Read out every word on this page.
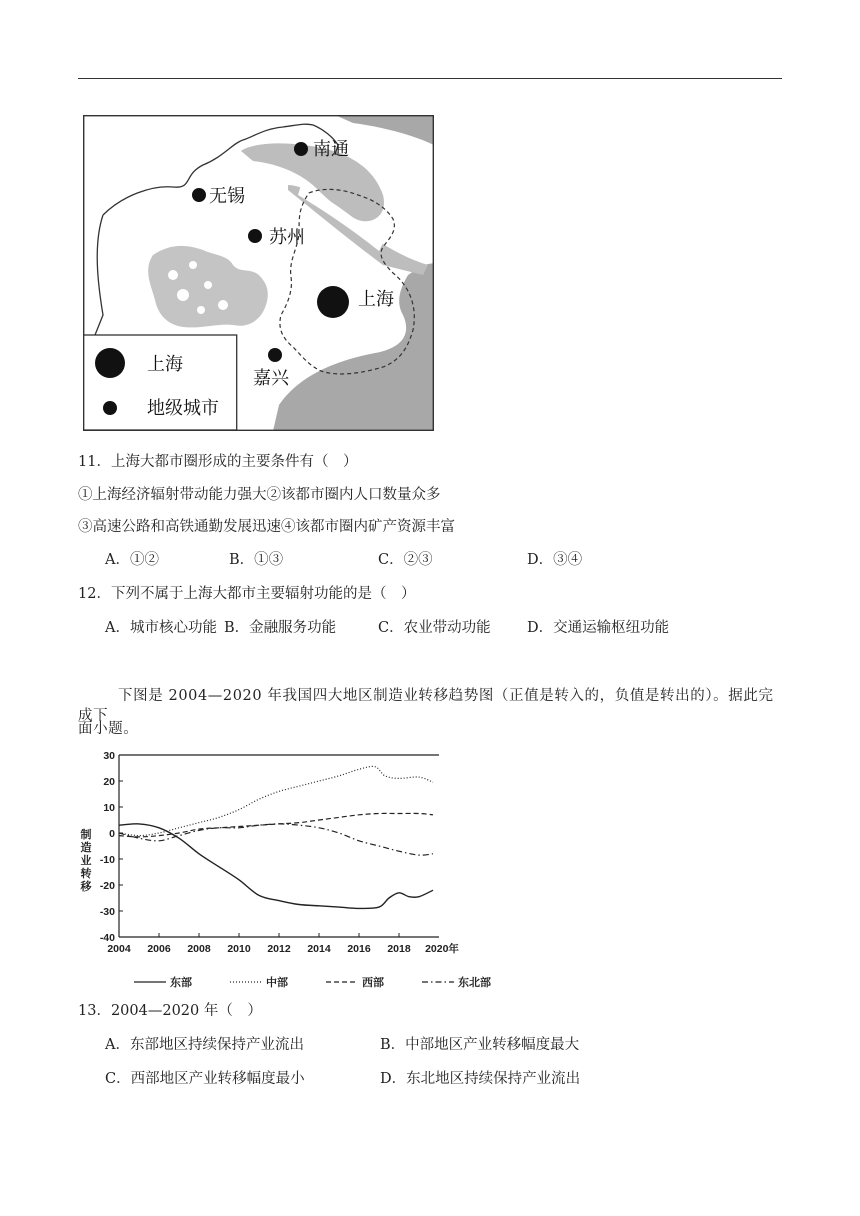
南通
无锡
苏州
上海
嘉兴
上海
地级城市
11．上海大都市圈形成的主要条件有（　）
①上海经济辐射带动能力强大②该都市圈内人口数量众多
③高速公路和高铁通勤发展迅速④该都市圈内矿产资源丰富
A．①②	B．①③	C．②③	D．③④
12．下列不属于上海大都市主要辐射功能的是（　）
A．城市核心功能 B．金融服务功能	C．农业带动功能	D．交通运输枢纽功能
下图是 2004—2020 年我国四大地区制造业转移趋势图（正值是转入的，负值是转出的）。据此完成下
面小题。
30
20
10
0
-10
-20
-30
-40
2004 2006 2008 2010 2012 2014 2016 2018 2020年
制
造
业
转
移
东部	中部	西部	东北部
13．2004—2020 年（　）
A．东部地区持续保持产业流出	B．中部地区产业转移幅度最大
C．西部地区产业转移幅度最小	D．东北地区持续保持产业流出
